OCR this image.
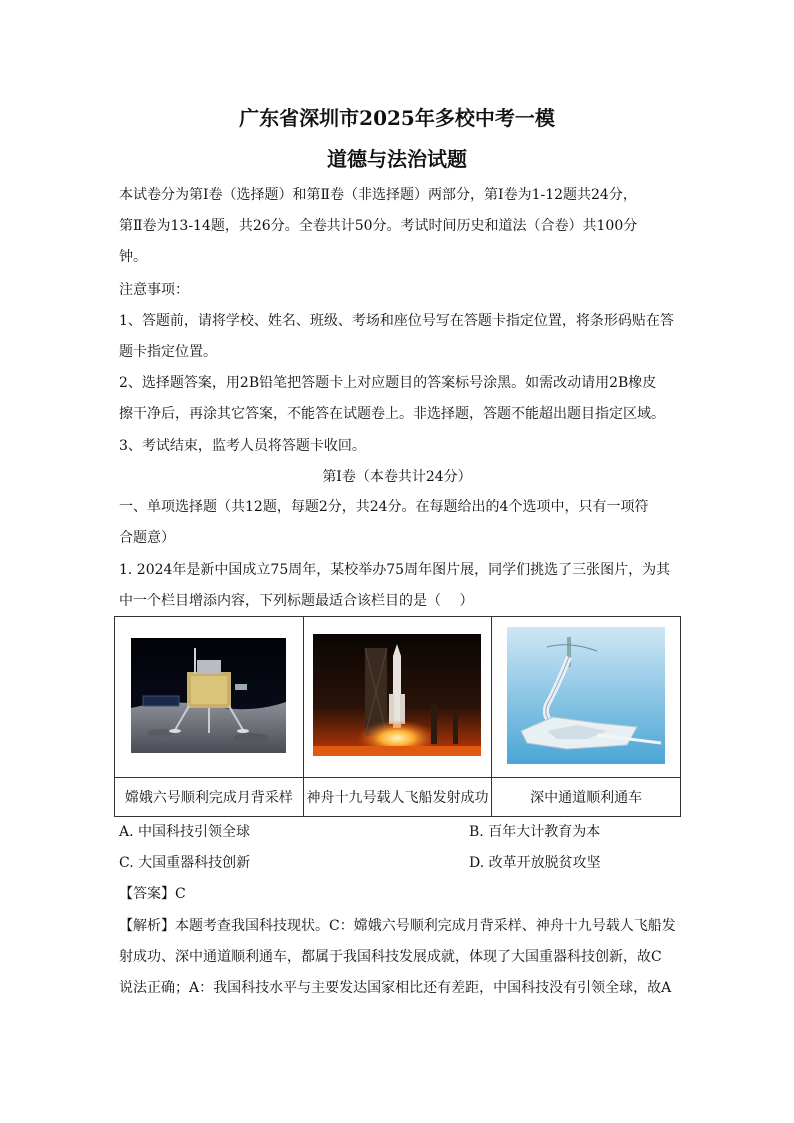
广东省深圳市2025年多校中考一模
道德与法治试题
本试卷分为第Ⅰ卷（选择题）和第Ⅱ卷（非选择题）两部分，第Ⅰ卷为1-12题共24分，
第Ⅱ卷为13-14题，共26分。全卷共计50分。考试时间历史和道法（合卷）共100分
钟。
注意事项：
1、答题前，请将学校、姓名、班级、考场和座位号写在答题卡指定位置，将条形码贴在答
题卡指定位置。
2、选择题答案，用2B铅笔把答题卡上对应题目的答案标号涂黑。如需改动请用2B橡皮
擦干净后，再涂其它答案，不能答在试题卷上。非选择题，答题不能超出题目指定区域。
3、考试结束，监考人员将答题卡收回。
第Ⅰ卷（本卷共计24分）
一、单项选择题（共12题，每题2分，共24分。在每题给出的4个选项中，只有一项符
合题意）
1. 2024年是新中国成立75周年，某校举办75周年图片展，同学们挑选了三张图片，为其
中一个栏目增添内容，下列标题最适合该栏目的是（　 ）

嫦娥六号顺利完成月背采样	神舟十九号载人飞船发射成功	深中通道顺利通车
A. 中国科技引领全球	B. 百年大计教育为本
C. 大国重器科技创新	D. 改革开放脱贫攻坚
【答案】C
【解析】本题考查我国科技现状。C：嫦娥六号顺利完成月背采样、神舟十九号载人飞船发
射成功、深中通道顺利通车，都属于我国科技发展成就，体现了大国重器科技创新，故C
说法正确；A：我国科技水平与主要发达国家相比还有差距，中国科技没有引领全球，故A
